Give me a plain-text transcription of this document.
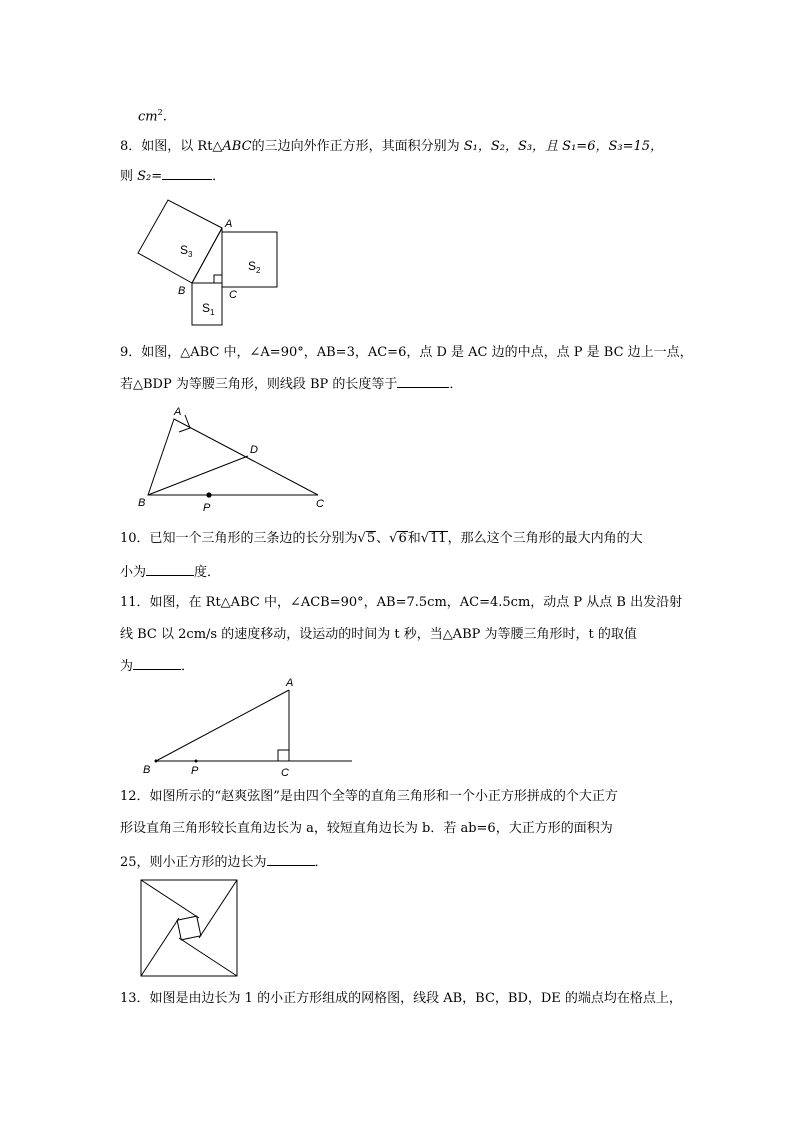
$cm^2$.
8．如图，以 Rt△ABC的三边向外作正方形，其面积分别为 S₁，S₂，S₃，且 S₁=6，S₃=15，
则 S₂=	．
A
B	C
$S_1$
$S_2$
$S_3$
9．如图，△ABC 中，∠A=90°，AB=3，AC=6，点 D 是 AC 边的中点，点 P 是 BC 边上一点，
若△BDP 为等腰三角形，则线段 BP 的长度等于	．
A
B	C
D
P
10．已知一个三角形的三条边的长分别为√5、√6和√11，那么这个三角形的最大内角的大
小为	度．
11．如图，在 Rt△ABC 中，∠ACB=90°，AB=7.5cm，AC=4.5cm，动点 P 从点 B 出发沿射
线 BC 以 2cm/s 的速度移动，设运动的时间为 t 秒，当△ABP 为等腰三角形时，t 的取值
为	．
A
B	C
P
12．如图所示的“赵爽弦图”是由四个全等的直角三角形和一个小正方形拼成的个大正方
形设直角三角形较长直角边长为 a，较短直角边长为 b．若 ab=6，大正方形的面积为
25，则小正方形的边长为	．
13．如图是由边长为 1 的小正方形组成的网格图，线段 AB，BC，BD，DE 的端点均在格点上，
